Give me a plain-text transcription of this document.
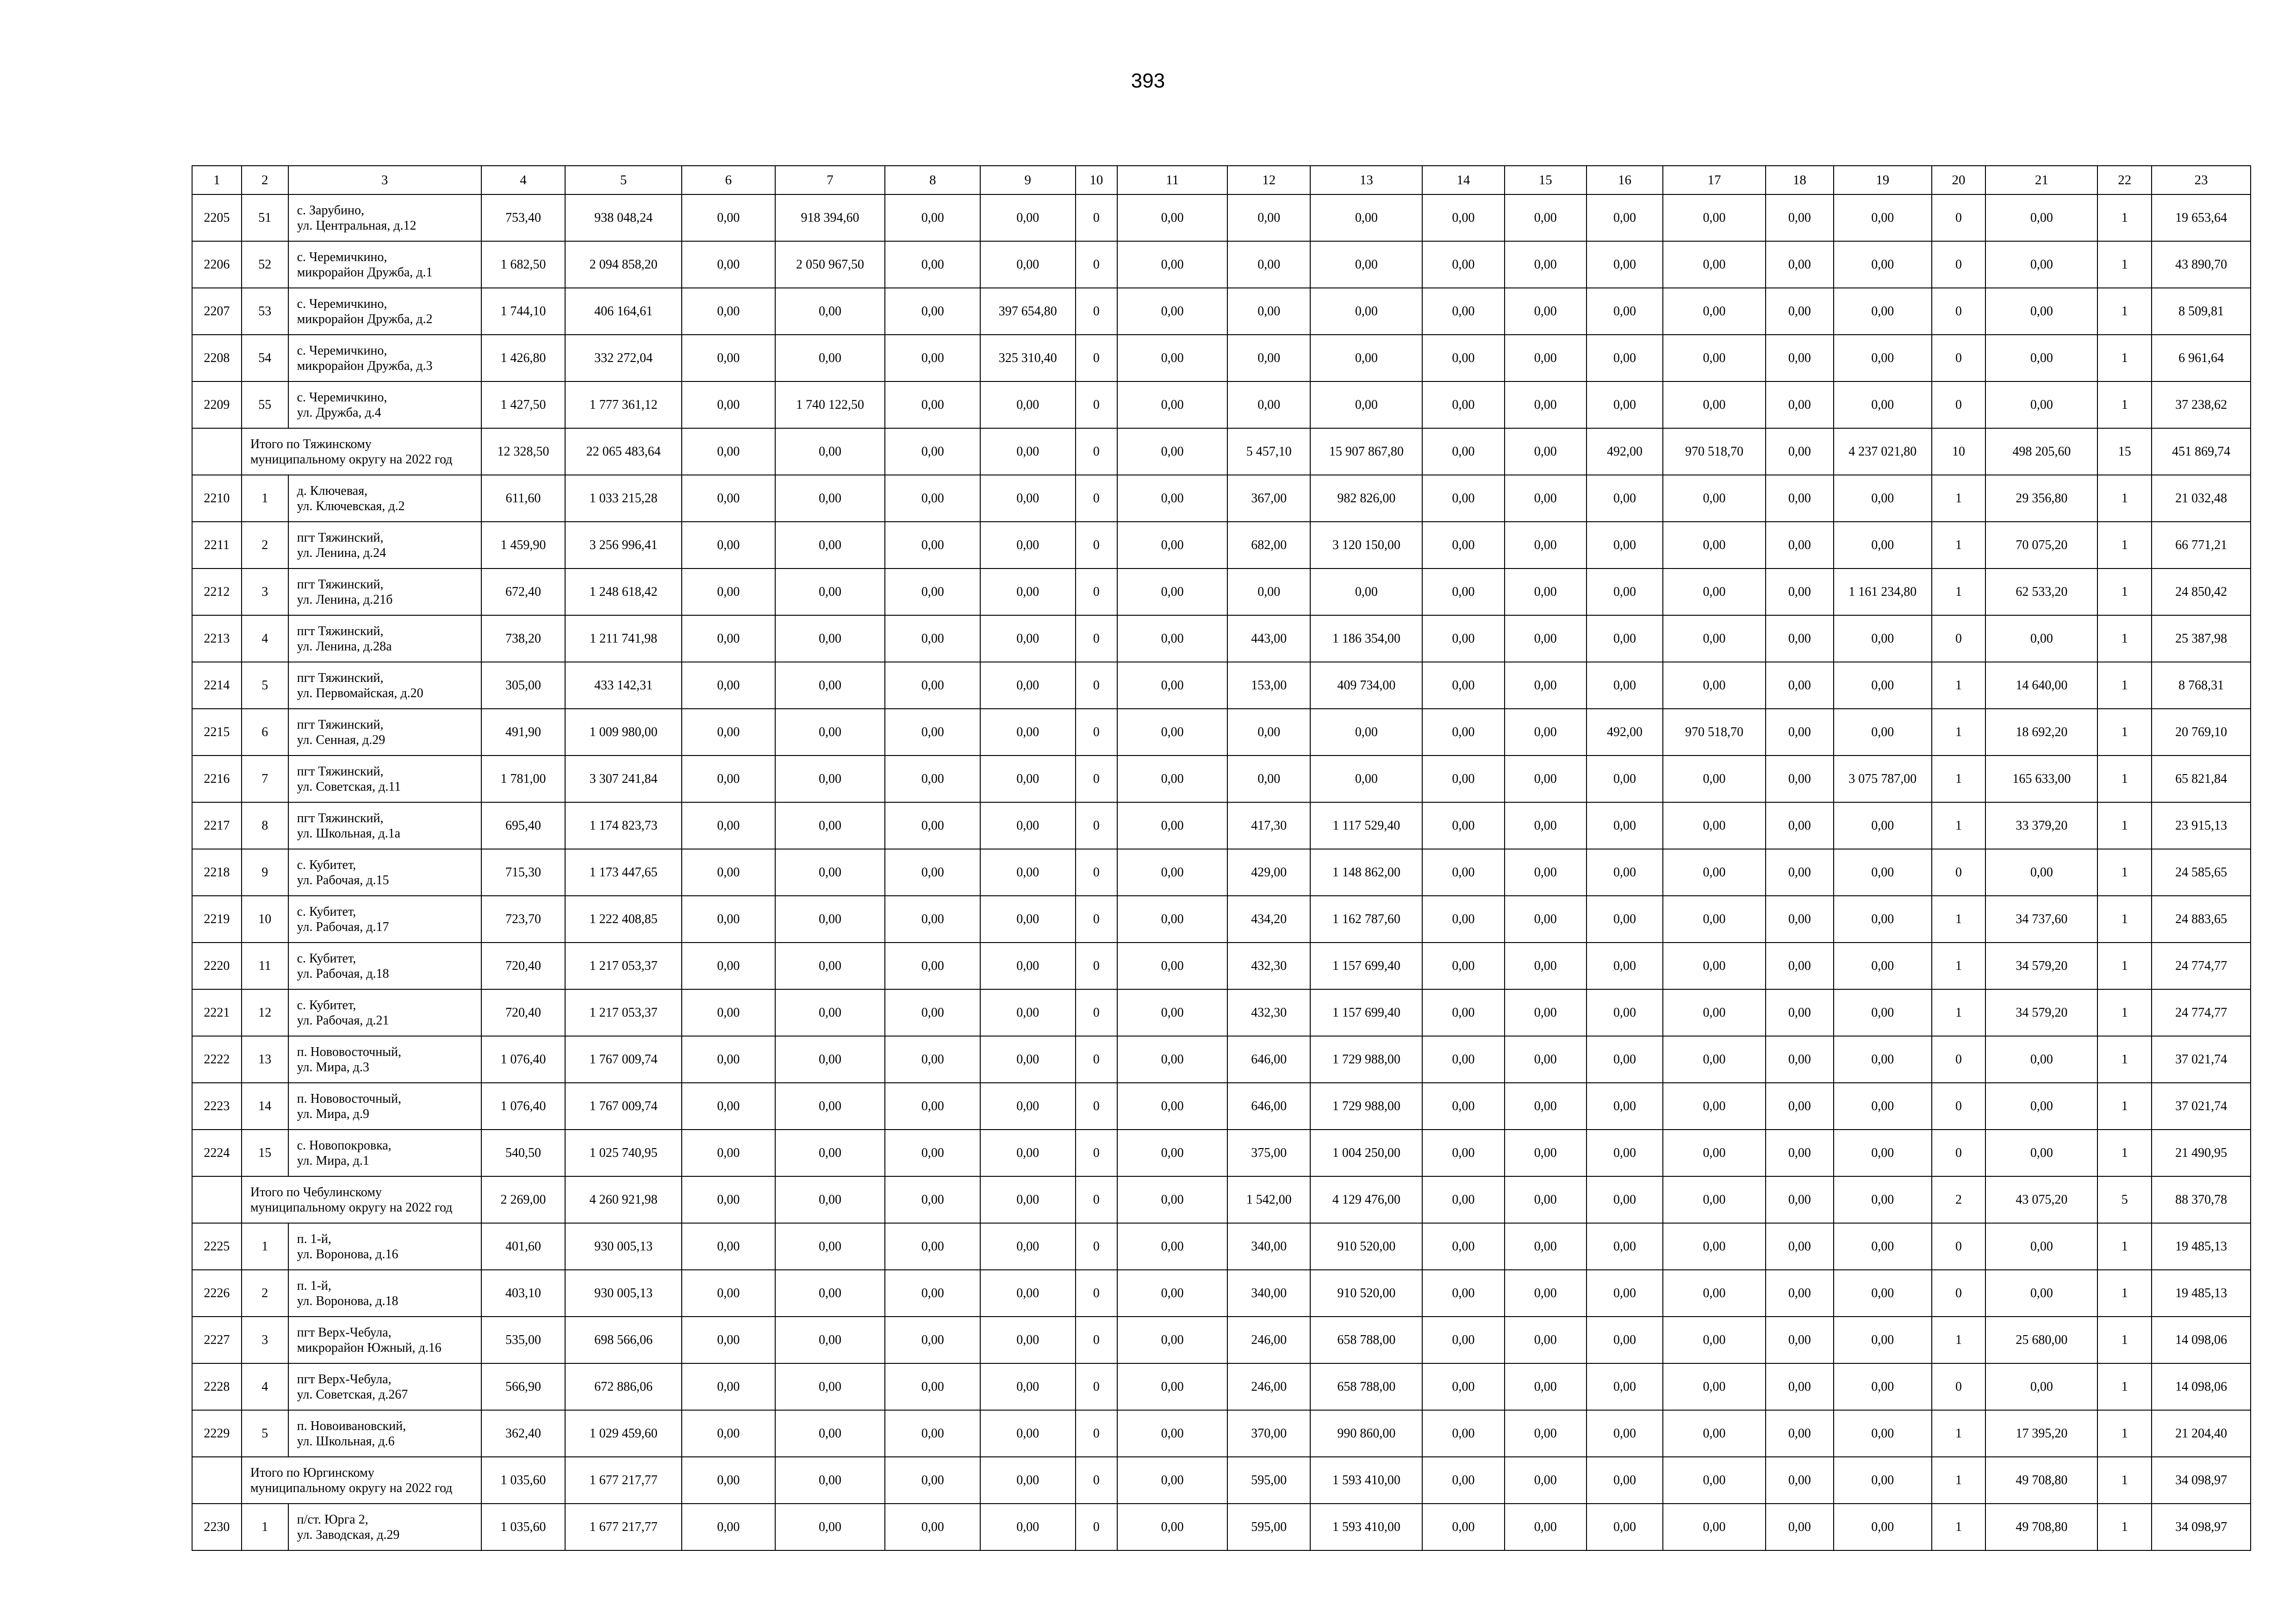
393
1	2	3	4	5	6	7	8	9	10	11	12	13	14	15	16	17	18	19	20	21	22	23
2205	51	с. Зарубино,
ул. Центральная, д.12	753,40	938 048,24	0,00	918 394,60	0,00	0,00	0	0,00	0,00	0,00	0,00	0,00	0,00	0,00	0,00	0,00	0	0,00	1	19 653,64
2206	52	с. Черемичкино,
микрорайон Дружба, д.1	1 682,50	2 094 858,20	0,00	2 050 967,50	0,00	0,00	0	0,00	0,00	0,00	0,00	0,00	0,00	0,00	0,00	0,00	0	0,00	1	43 890,70
2207	53	с. Черемичкино,
микрорайон Дружба, д.2	1 744,10	406 164,61	0,00	0,00	0,00	397 654,80	0	0,00	0,00	0,00	0,00	0,00	0,00	0,00	0,00	0,00	0	0,00	1	8 509,81
2208	54	с. Черемичкино,
микрорайон Дружба, д.3	1 426,80	332 272,04	0,00	0,00	0,00	325 310,40	0	0,00	0,00	0,00	0,00	0,00	0,00	0,00	0,00	0,00	0	0,00	1	6 961,64
2209	55	с. Черемичкино,
ул. Дружба, д.4	1 427,50	1 777 361,12	0,00	1 740 122,50	0,00	0,00	0	0,00	0,00	0,00	0,00	0,00	0,00	0,00	0,00	0,00	0	0,00	1	37 238,62

	Итого по Тяжинскому
муниципальному округу на 2022 год		12 328,50	22 065 483,64	0,00	0,00	0,00	0,00	0	0,00	5 457,10	15 907 867,80	0,00	0,00	492,00	970 518,70	0,00	4 237 021,80	10	498 205,60	15	451 869,74
2210	1	д. Ключевая,
ул. Ключевская, д.2	611,60	1 033 215,28	0,00	0,00	0,00	0,00	0	0,00	367,00	982 826,00	0,00	0,00	0,00	0,00	0,00	0,00	1	29 356,80	1	21 032,48
2211	2	пгт Тяжинский,
ул. Ленина, д.24	1 459,90	3 256 996,41	0,00	0,00	0,00	0,00	0	0,00	682,00	3 120 150,00	0,00	0,00	0,00	0,00	0,00	0,00	1	70 075,20	1	66 771,21
2212	3	пгт Тяжинский,
ул. Ленина, д.21б	672,40	1 248 618,42	0,00	0,00	0,00	0,00	0	0,00	0,00	0,00	0,00	0,00	0,00	0,00	0,00	1 161 234,80	1	62 533,20	1	24 850,42
2213	4	пгт Тяжинский,
ул. Ленина, д.28а	738,20	1 211 741,98	0,00	0,00	0,00	0,00	0	0,00	443,00	1 186 354,00	0,00	0,00	0,00	0,00	0,00	0,00	0	0,00	1	25 387,98
2214	5	пгт Тяжинский,
ул. Первомайская, д.20	305,00	433 142,31	0,00	0,00	0,00	0,00	0	0,00	153,00	409 734,00	0,00	0,00	0,00	0,00	0,00	0,00	1	14 640,00	1	8 768,31
2215	6	пгт Тяжинский,
ул. Сенная, д.29	491,90	1 009 980,00	0,00	0,00	0,00	0,00	0	0,00	0,00	0,00	0,00	0,00	492,00	970 518,70	0,00	0,00	1	18 692,20	1	20 769,10
2216	7	пгт Тяжинский,
ул. Советская, д.11	1 781,00	3 307 241,84	0,00	0,00	0,00	0,00	0	0,00	0,00	0,00	0,00	0,00	0,00	0,00	0,00	3 075 787,00	1	165 633,00	1	65 821,84
2217	8	пгт Тяжинский,
ул. Школьная, д.1а	695,40	1 174 823,73	0,00	0,00	0,00	0,00	0	0,00	417,30	1 117 529,40	0,00	0,00	0,00	0,00	0,00	0,00	1	33 379,20	1	23 915,13
2218	9	с. Кубитет,
ул. Рабочая, д.15	715,30	1 173 447,65	0,00	0,00	0,00	0,00	0	0,00	429,00	1 148 862,00	0,00	0,00	0,00	0,00	0,00	0,00	0	0,00	1	24 585,65
2219	10	с. Кубитет,
ул. Рабочая, д.17	723,70	1 222 408,85	0,00	0,00	0,00	0,00	0	0,00	434,20	1 162 787,60	0,00	0,00	0,00	0,00	0,00	0,00	1	34 737,60	1	24 883,65
2220	11	с. Кубитет,
ул. Рабочая, д.18	720,40	1 217 053,37	0,00	0,00	0,00	0,00	0	0,00	432,30	1 157 699,40	0,00	0,00	0,00	0,00	0,00	0,00	1	34 579,20	1	24 774,77
2221	12	с. Кубитет,
ул. Рабочая, д.21	720,40	1 217 053,37	0,00	0,00	0,00	0,00	0	0,00	432,30	1 157 699,40	0,00	0,00	0,00	0,00	0,00	0,00	1	34 579,20	1	24 774,77
2222	13	п. Нововосточный,
ул. Мира, д.3	1 076,40	1 767 009,74	0,00	0,00	0,00	0,00	0	0,00	646,00	1 729 988,00	0,00	0,00	0,00	0,00	0,00	0,00	0	0,00	1	37 021,74
2223	14	п. Нововосточный,
ул. Мира, д.9	1 076,40	1 767 009,74	0,00	0,00	0,00	0,00	0	0,00	646,00	1 729 988,00	0,00	0,00	0,00	0,00	0,00	0,00	0	0,00	1	37 021,74
2224	15	с. Новопокровка,
ул. Мира, д.1	540,50	1 025 740,95	0,00	0,00	0,00	0,00	0	0,00	375,00	1 004 250,00	0,00	0,00	0,00	0,00	0,00	0,00	0	0,00	1	21 490,95

	Итого по Чебулинскому
муниципальному округу на 2022 год		2 269,00	4 260 921,98	0,00	0,00	0,00	0,00	0	0,00	1 542,00	4 129 476,00	0,00	0,00	0,00	0,00	0,00	0,00	2	43 075,20	5	88 370,78
2225	1	п. 1-й,
ул. Воронова, д.16	401,60	930 005,13	0,00	0,00	0,00	0,00	0	0,00	340,00	910 520,00	0,00	0,00	0,00	0,00	0,00	0,00	0	0,00	1	19 485,13
2226	2	п. 1-й,
ул. Воронова, д.18	403,10	930 005,13	0,00	0,00	0,00	0,00	0	0,00	340,00	910 520,00	0,00	0,00	0,00	0,00	0,00	0,00	0	0,00	1	19 485,13
2227	3	пгт Верх-Чебула,
микрорайон Южный, д.16	535,00	698 566,06	0,00	0,00	0,00	0,00	0	0,00	246,00	658 788,00	0,00	0,00	0,00	0,00	0,00	0,00	1	25 680,00	1	14 098,06
2228	4	пгт Верх-Чебула,
ул. Советская, д.267	566,90	672 886,06	0,00	0,00	0,00	0,00	0	0,00	246,00	658 788,00	0,00	0,00	0,00	0,00	0,00	0,00	0	0,00	1	14 098,06
2229	5	п. Новоивановский,
ул. Школьная, д.6	362,40	1 029 459,60	0,00	0,00	0,00	0,00	0	0,00	370,00	990 860,00	0,00	0,00	0,00	0,00	0,00	0,00	1	17 395,20	1	21 204,40

	Итого по Юргинскому
муниципальному округу на 2022 год		1 035,60	1 677 217,77	0,00	0,00	0,00	0,00	0	0,00	595,00	1 593 410,00	0,00	0,00	0,00	0,00	0,00	0,00	1	49 708,80	1	34 098,97
2230	1	п/ст. Юрга 2,
ул. Заводская, д.29	1 035,60	1 677 217,77	0,00	0,00	0,00	0,00	0	0,00	595,00	1 593 410,00	0,00	0,00	0,00	0,00	0,00	0,00	1	49 708,80	1	34 098,97
